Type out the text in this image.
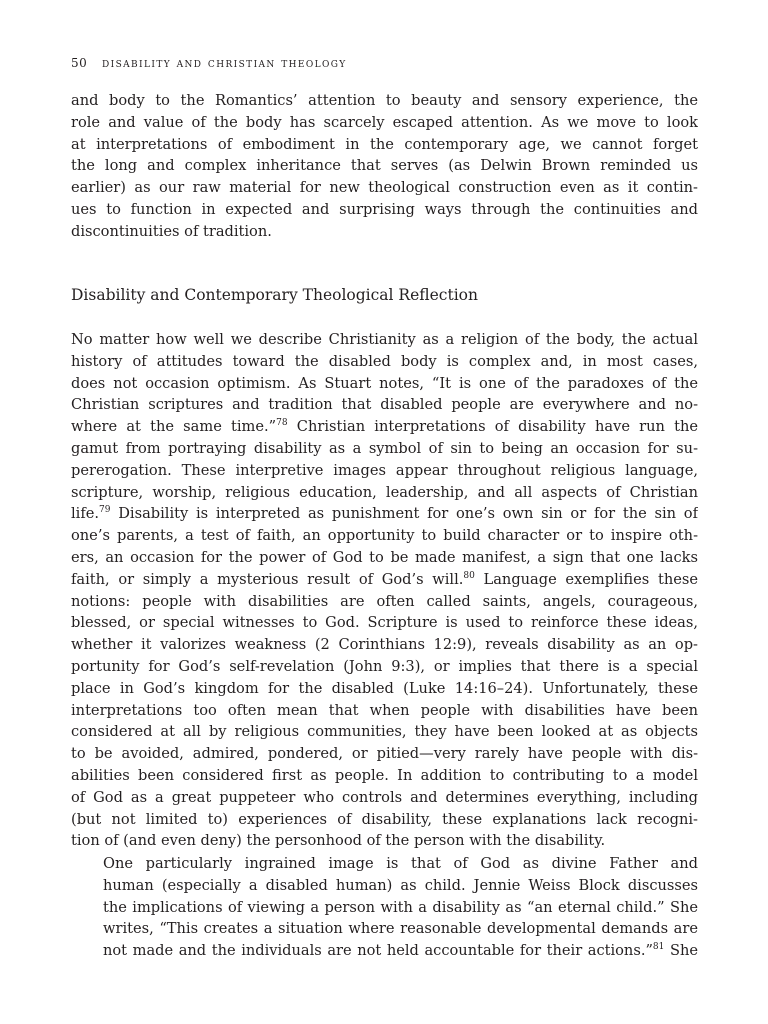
50 disability and christian theology
and body to the Romantics’ attention to beauty and sensory experience, the
role and value of the body has scarcely escaped attention. As we move to look
at interpretations of embodiment in the contemporary age, we cannot forget
the long and complex inheritance that serves (as Delwin Brown reminded us
earlier) as our raw material for new theological construction even as it contin-
ues to function in expected and surprising ways through the continuities and
discontinuities of tradition.
Disability and Contemporary Theological Reflection
No matter how well we describe Christianity as a religion of the body, the actual
history of attitudes toward the disabled body is complex and, in most cases,
does not occasion optimism. As Stuart notes, “It is one of the paradoxes of the
Christian scriptures and tradition that disabled people are everywhere and no-
where at the same time.”$^{78}$ Christian interpretations of disability have run the
gamut from portraying disability as a symbol of sin to being an occasion for su-
pererogation. These interpretive images appear throughout religious language,
scripture, worship, religious education, leadership, and all aspects of Christian
life.$^{79}$ Disability is interpreted as punishment for one’s own sin or for the sin of
one’s parents, a test of faith, an opportunity to build character or to inspire oth-
ers, an occasion for the power of God to be made manifest, a sign that one lacks
faith, or simply a mysterious result of God’s will.$^{80}$ Language exemplifies these
notions: people with disabilities are often called saints, angels, courageous,
blessed, or special witnesses to God. Scripture is used to reinforce these ideas,
whether it valorizes weakness (2 Corinthians 12:9), reveals disability as an op-
portunity for God’s self-revelation (John 9:3), or implies that there is a special
place in God’s kingdom for the disabled (Luke 14:16–24). Unfortunately, these
interpretations too often mean that when people with disabilities have been
considered at all by religious communities, they have been looked at as objects
to be avoided, admired, pondered, or pitied—very rarely have people with dis-
abilities been considered first as people. In addition to contributing to a model
of God as a great puppeteer who controls and determines everything, including
(but not limited to) experiences of disability, these explanations lack recogni-
tion of (and even deny) the personhood of the person with the disability.
One particularly ingrained image is that of God as divine Father and
human (especially a disabled human) as child. Jennie Weiss Block discusses
the implications of viewing a person with a disability as “an eternal child.” She
writes, “This creates a situation where reasonable developmental demands are
not made and the individuals are not held accountable for their actions.”$^{81}$ She
